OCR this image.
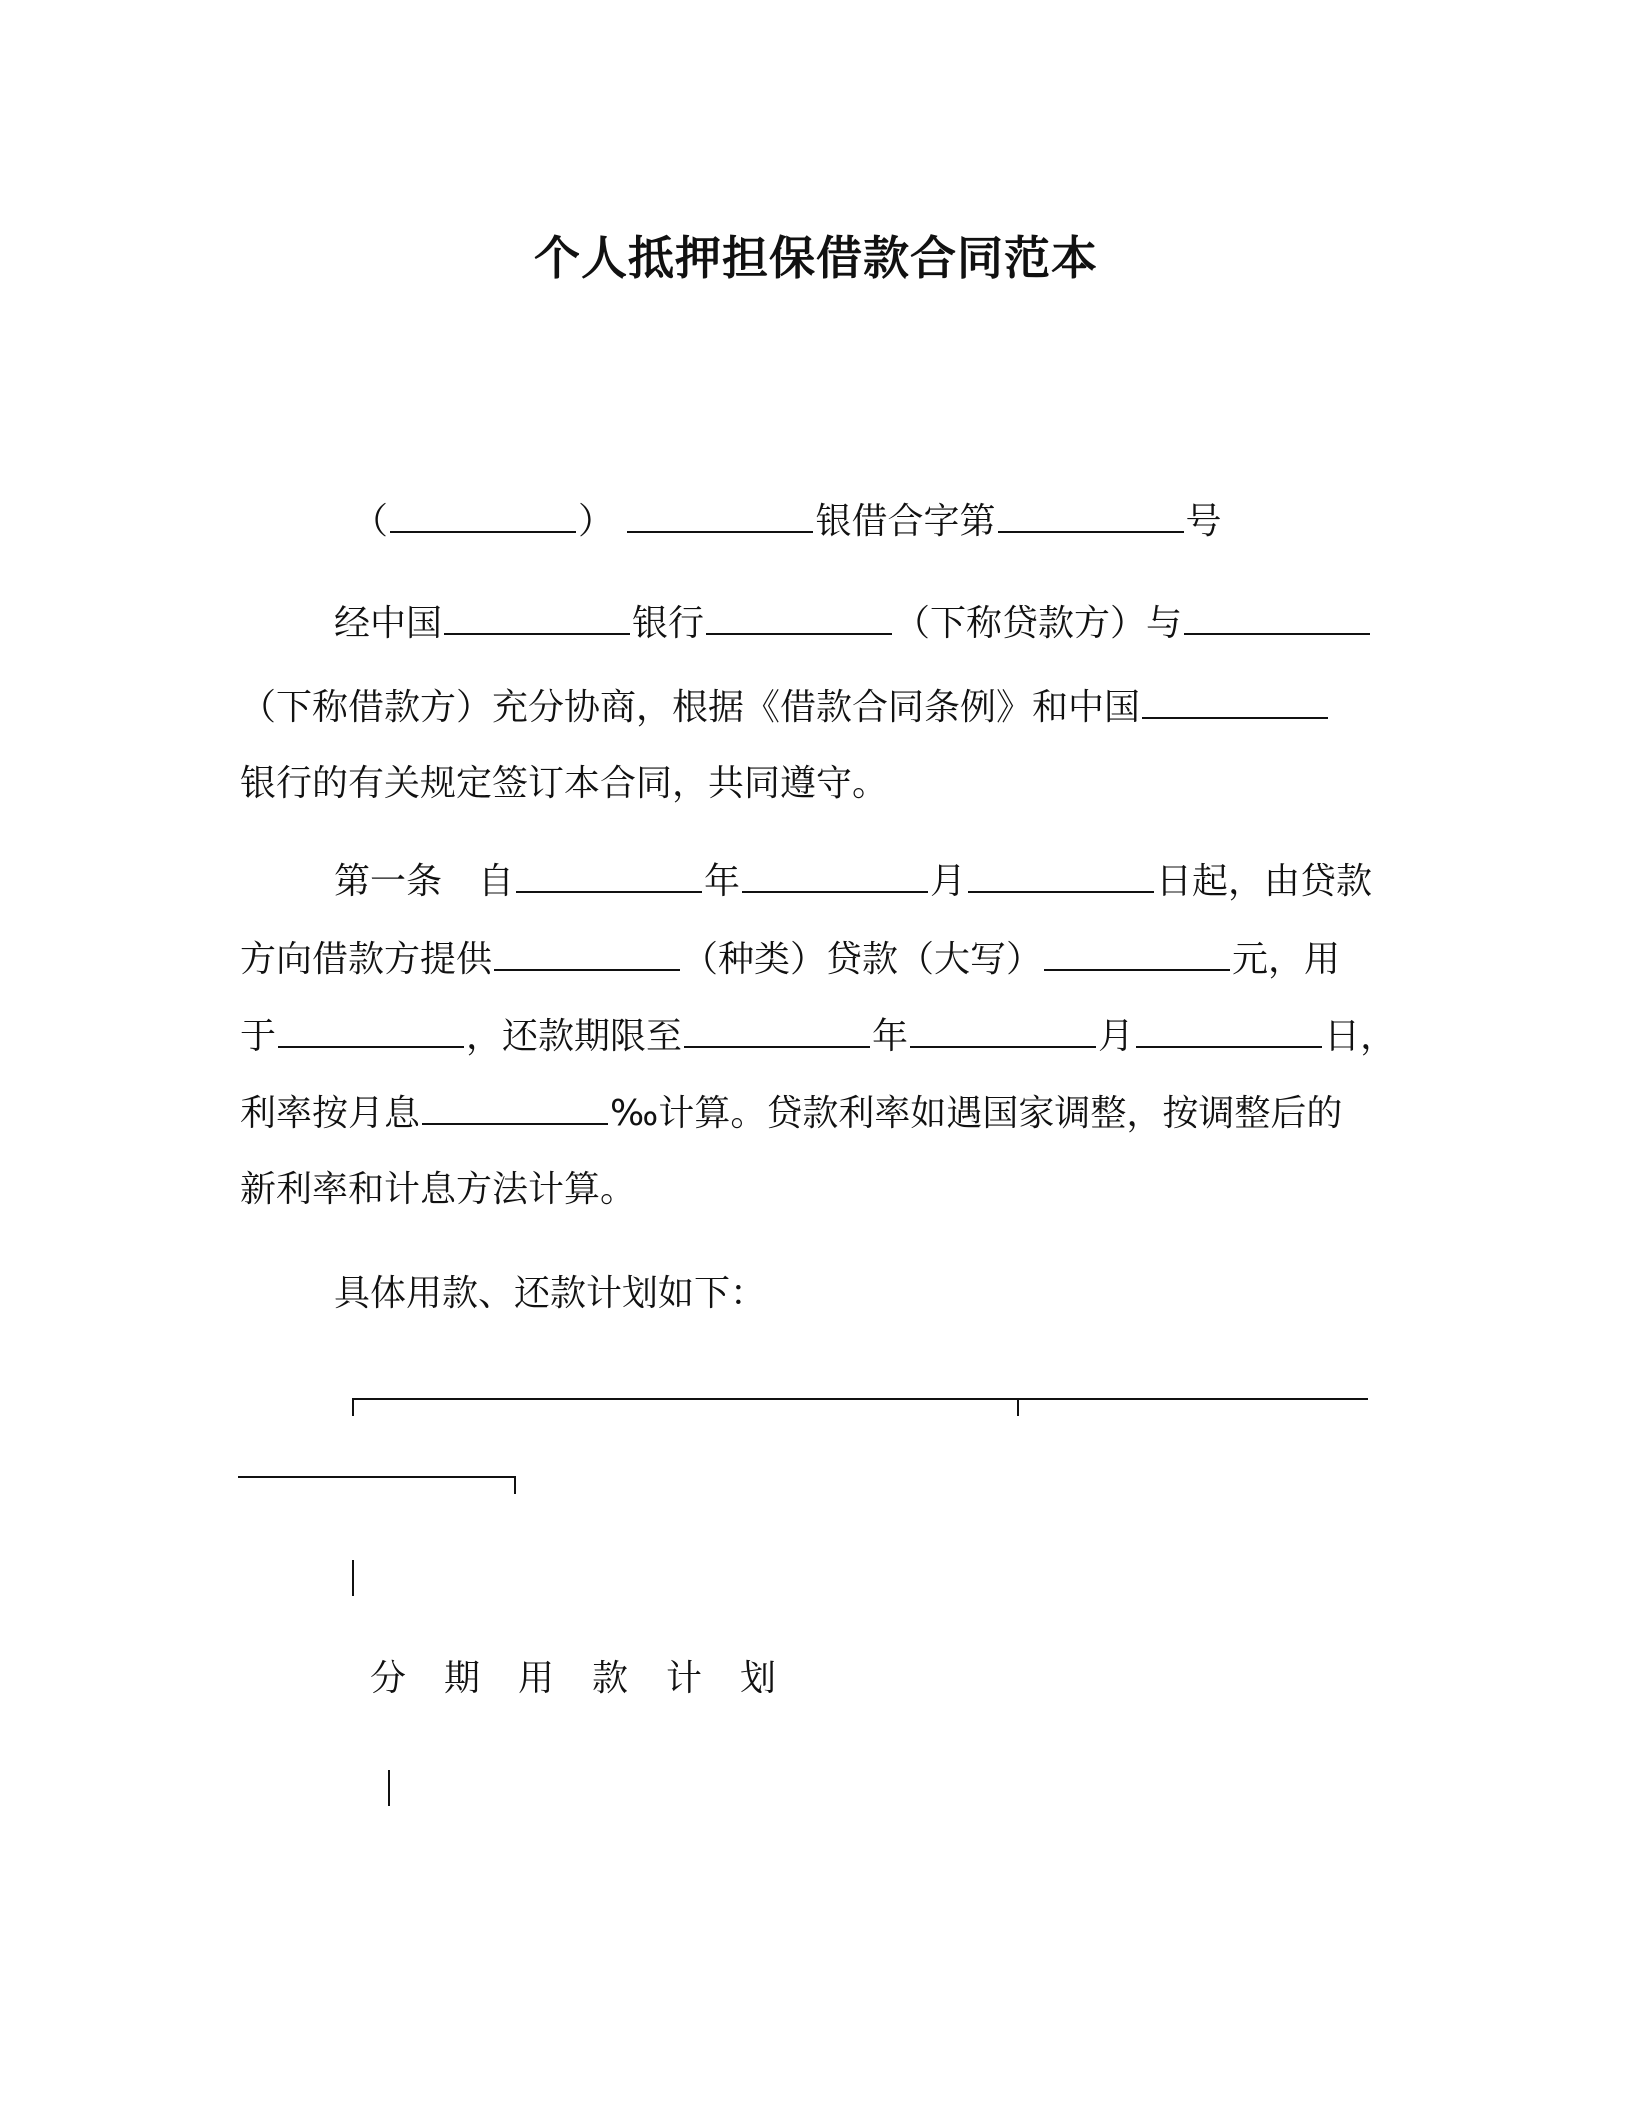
个人抵押担保借款合同范本
（	）	银借合字第	号
经中国	银行	（下称贷款方）与
（下称借款方）充分协商，根据《借款合同条例》和中国
银行的有关规定签订本合同，共同遵守。
第一条　自	年	月	日起，由贷款
方向借款方提供	（种类）贷款（大写）	元，用
于	，还款期限至	年	月	日，
利率按月息	‰计算。贷款利率如遇国家调整，按调整后的
新利率和计息方法计算。
具体用款、还款计划如下：
分期用款计划
